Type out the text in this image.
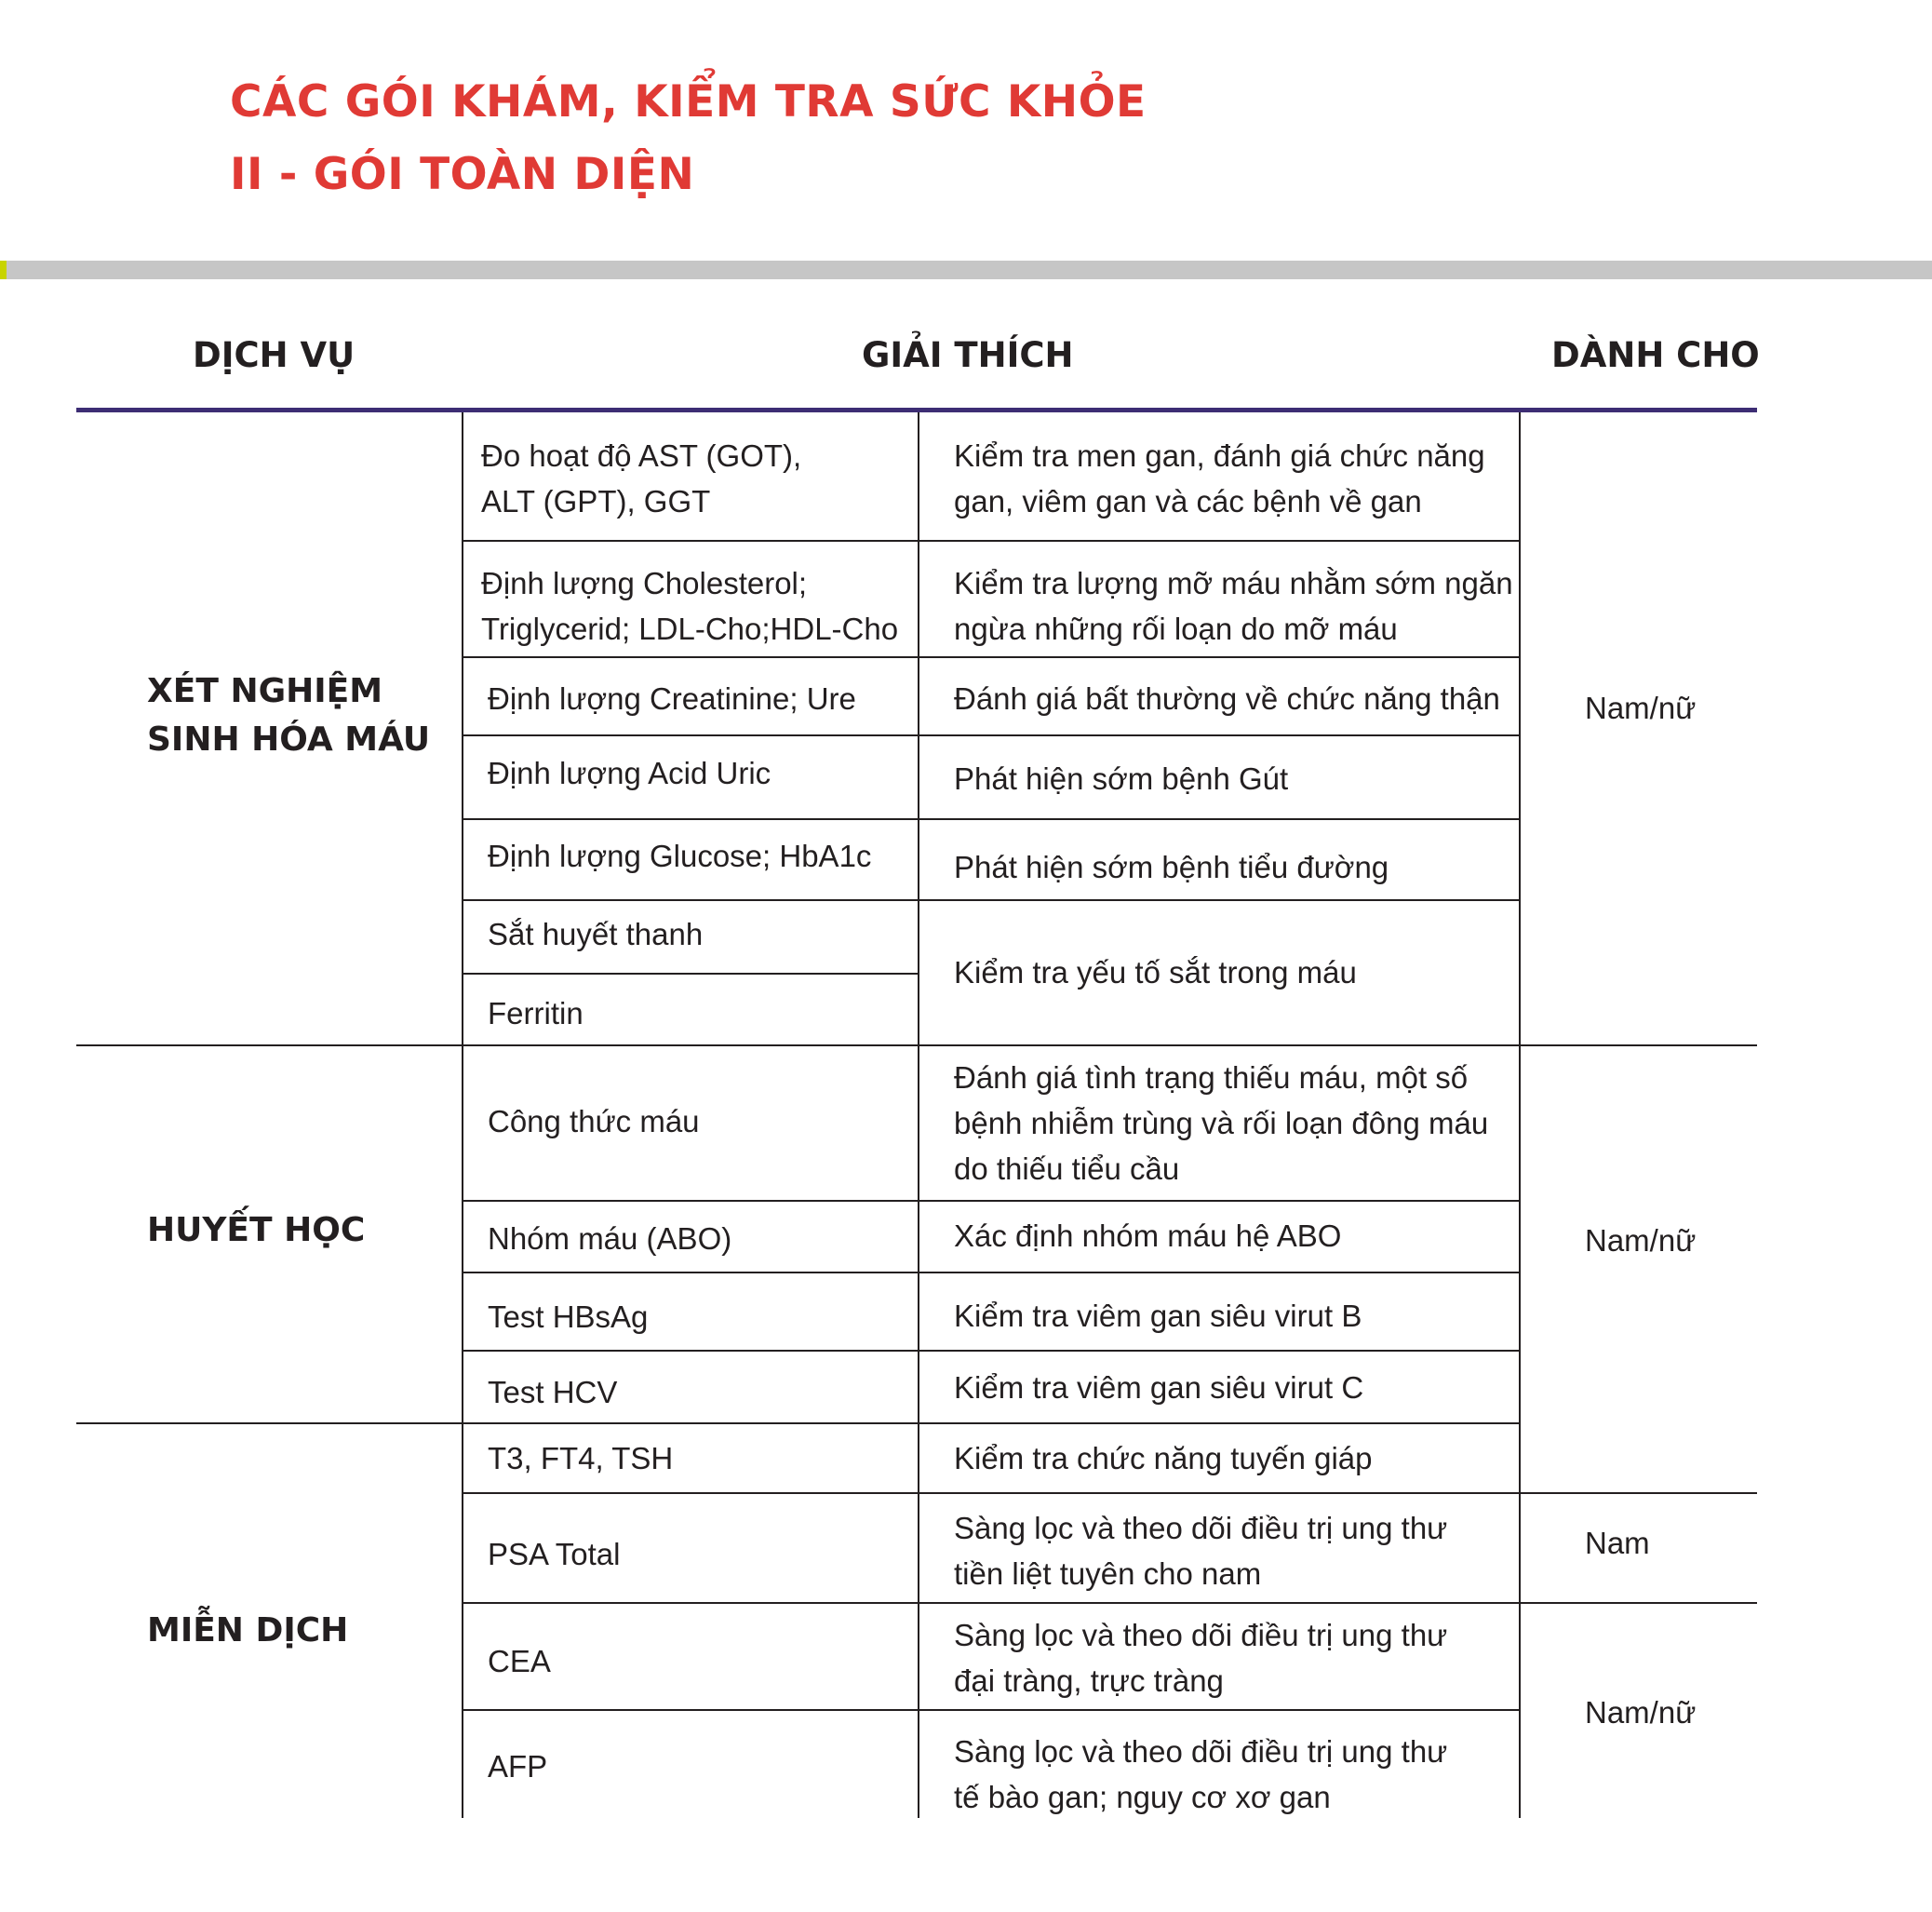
CÁC GÓI KHÁM, KIỂM TRA SỨC KHỎE
II - GÓI TOÀN DIỆN
DỊCH VỤ	GIẢI THÍCH	DÀNH CHO
XÉT NGHIỆM
SINH HÓA MÁU
HUYẾT HỌC
MIỄN DỊCH
Đo hoạt độ AST (GOT),
ALT (GPT), GGT
Định lượng Cholesterol;
Triglycerid; LDL-Cho;HDL-Cho
Định lượng Creatinine; Ure
Định lượng Acid Uric
Định lượng Glucose; HbA1c
Sắt huyết thanh
Ferritin
Công thức máu
Nhóm máu (ABO)
Test HBsAg
Test HCV
T3, FT4, TSH
PSA Total
CEA
AFP
Kiểm tra men gan, đánh giá chức năng
gan, viêm gan và các bệnh về gan
Kiểm tra lượng mỡ máu nhằm sớm ngăn
ngừa những rối loạn do mỡ máu
Đánh giá bất thường về chức năng thận
Phát hiện sớm bệnh Gút
Phát hiện sớm bệnh tiểu đường
Kiểm tra yếu tố sắt trong máu
Đánh giá tình trạng thiếu máu, một số
bệnh nhiễm trùng và rối loạn đông máu
do thiếu tiểu cầu
Xác định nhóm máu hệ ABO
Kiểm tra viêm gan siêu virut B
Kiểm tra viêm gan siêu virut C
Kiểm tra chức năng tuyến giáp
Sàng lọc và theo dõi điều trị ung thư
tiền liệt tuyên cho nam
Sàng lọc và theo dõi điều trị ung thư
đại tràng, trực tràng
Sàng lọc và theo dõi điều trị ung thư
tế bào gan; nguy cơ xơ gan
Nam/nữ
Nam/nữ
Nam
Nam/nữ
